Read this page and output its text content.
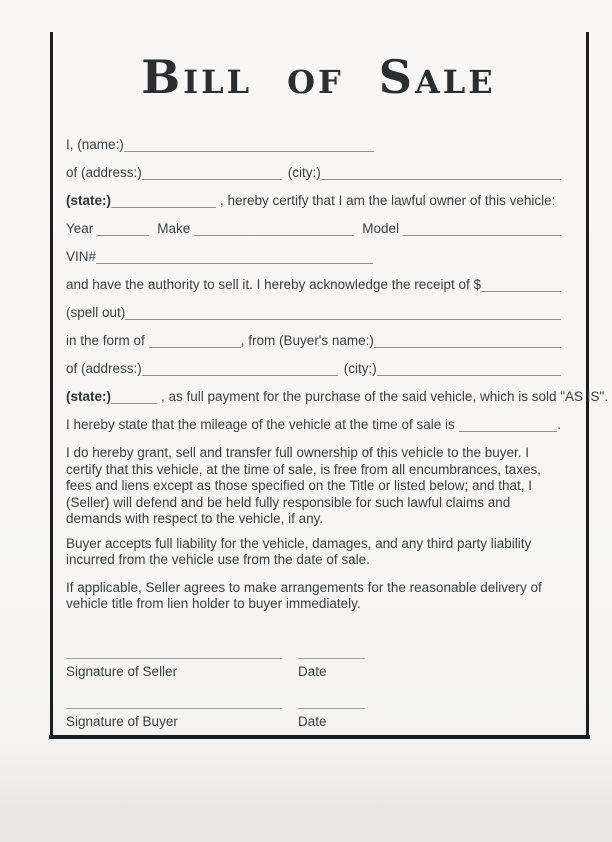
Bill of Sale
I, (name:)
of (address:)	(city:)
(state:)	, hereby certify that I am the lawful owner of this vehicle:
Year	Make	Model
VIN#
and have the authority to sell it. I hereby acknowledge the receipt of $
(spell out)
in the form of	, from (Buyer's name:)
of (address:)	(city:)
(state:)	, as full payment for the purchase of the said vehicle, which is sold "AS IS".
I hereby state that the mileage of the vehicle at the time of sale is	.

I do hereby grant, sell and transfer full ownership of this vehicle to the buyer. I certify that this vehicle, at the time of sale, is free from all encumbrances, taxes, fees and liens except as those specified on the Title or listed below; and that, I (Seller) will defend and be held fully responsible for such lawful claims and demands with respect to the vehicle, if any.

Buyer accepts full liability for the vehicle, damages, and any third party liability incurred from the vehicle use from the date of sale.

If applicable, Seller agrees to make arrangements for the reasonable delivery of vehicle title from lien holder to buyer immediately.

Signature of Seller	Date
Signature of Buyer	Date
